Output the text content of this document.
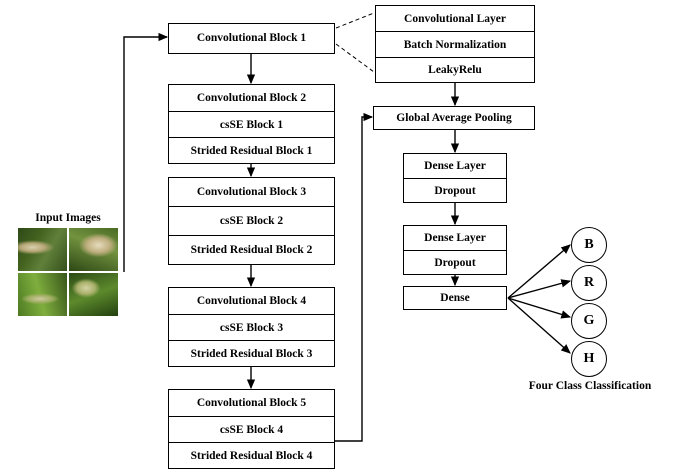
Input Images
Convolutional Block 1
Convolutional Block 2
csSE Block 1
Strided Residual Block 1
Convolutional Block 3
csSE Block 2
Strided Residual Block 2
Convolutional Block 4
csSE Block 3
Strided Residual Block 3
Convolutional Block 5
csSE Block 4
Strided Residual Block 4
Convolutional Layer
Batch Normalization
LeakyRelu
Global Average Pooling
Dense Layer
Dropout
Dense Layer
Dropout
Dense
B
R
G
H
Four Class Classification
